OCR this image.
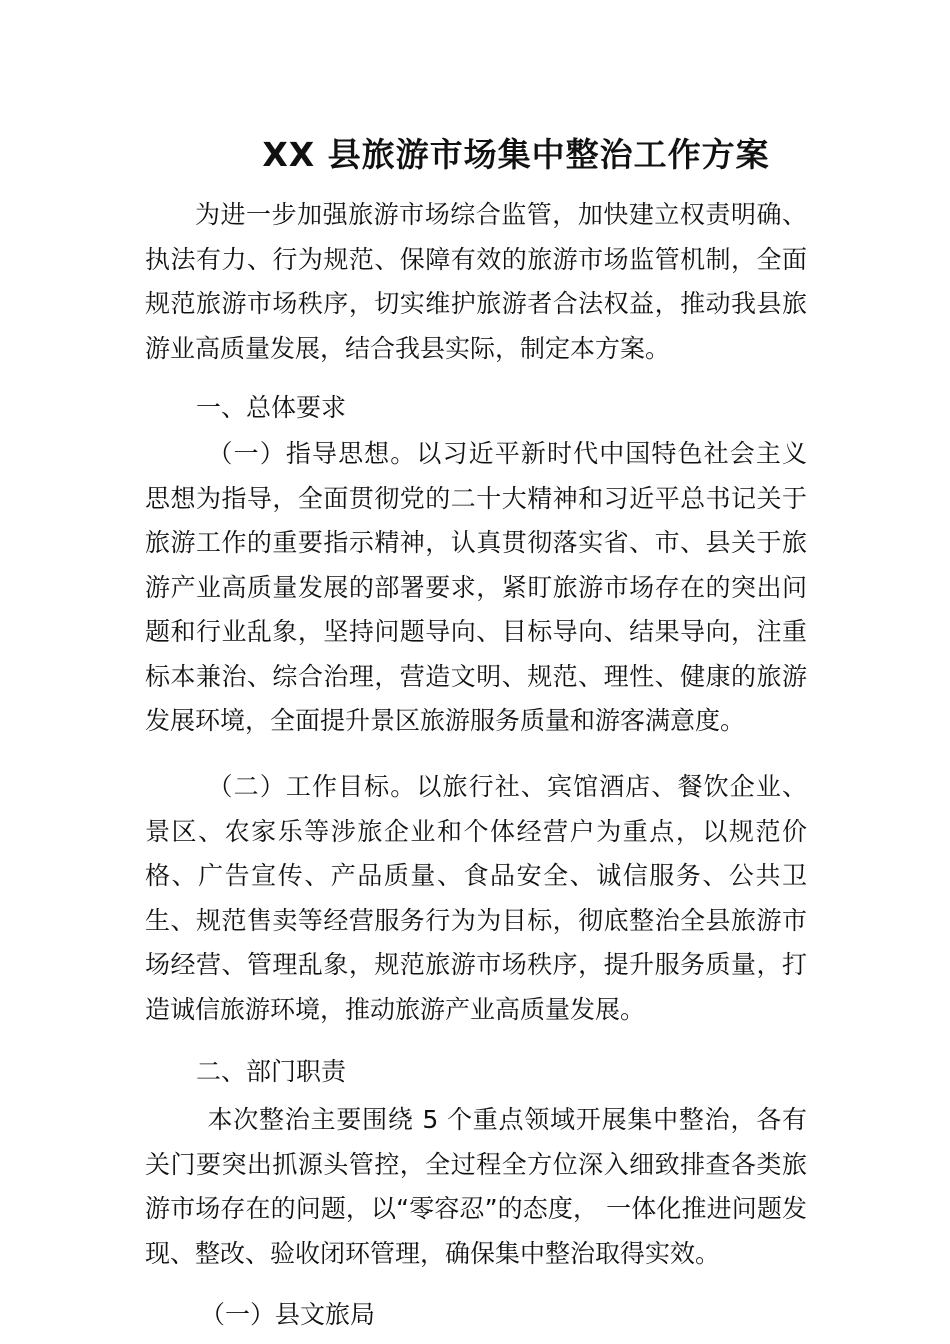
XX 县旅游市场集中整治工作方案

为进一步加强旅游市场综合监管，加快建立权责明确、执法有力、行为规范、保障有效的旅游市场监管机制，全面规范旅游市场秩序，切实维护旅游者合法权益，推动我县旅游业高质量发展，结合我县实际，制定本方案。

一、总体要求

（一）指导思想。以习近平新时代中国特色社会主义思想为指导，全面贯彻党的二十大精神和习近平总书记关于旅游工作的重要指示精神，认真贯彻落实省、市、县关于旅游产业高质量发展的部署要求，紧盯旅游市场存在的突出问题和行业乱象，坚持问题导向、目标导向、结果导向，注重标本兼治、综合治理，营造文明、规范、理性、健康的旅游发展环境，全面提升景区旅游服务质量和游客满意度。

（二）工作目标。以旅行社、宾馆酒店、餐饮企业、景区、农家乐等涉旅企业和个体经营户为重点，以规范价格、广告宣传、产品质量、食品安全、诚信服务、公共卫生、规范售卖等经营服务行为为目标，彻底整治全县旅游市场经营、管理乱象，规范旅游市场秩序，提升服务质量，打造诚信旅游环境，推动旅游产业高质量发展。

二、部门职责

本次整治主要围绕 5 个重点领域开展集中整治，各有关门要突出抓源头管控，全过程全方位深入细致排查各类旅游市场存在的问题，以“零容忍”的态度， 一体化推进问题发现、整改、验收闭环管理，确保集中整治取得实效。

（一）县文旅局
